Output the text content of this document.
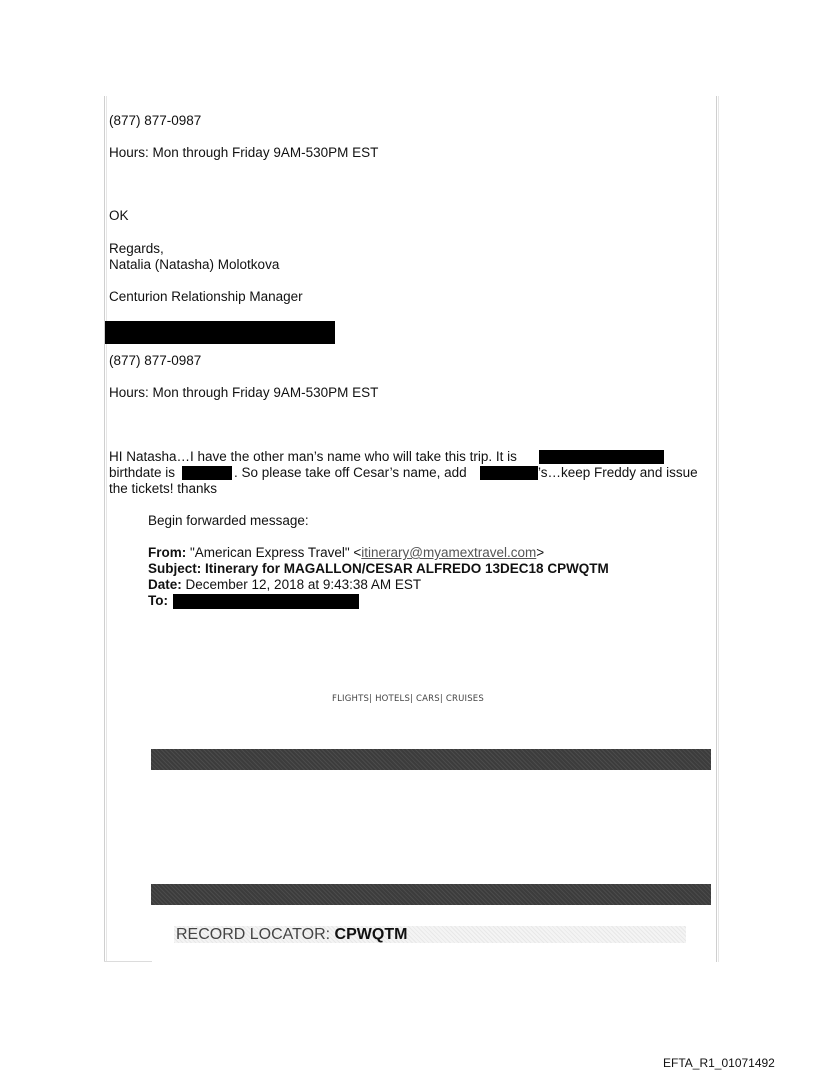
(877) 877-0987
Hours: Mon through Friday 9AM-530PM EST
OK
Regards,
Natalia (Natasha) Molotkova
Centurion Relationship Manager
(877) 877-0987
Hours: Mon through Friday 9AM-530PM EST
HI Natasha…I have the other man’s name who will take this trip. It is
birthdate is	. So please take off Cesar’s name, add	’s…keep Freddy and issue
the tickets! thanks
Begin forwarded message:
From: "American Express Travel" <itinerary@myamextravel.com>
Subject: Itinerary for MAGALLON/CESAR ALFREDO 13DEC18 CPWQTM
Date: December 12, 2018 at 9:43:38 AM EST
To:
FLIGHTS| HOTELS| CARS| CRUISES
RECORD LOCATOR: CPWQTM
EFTA_R1_01071492
